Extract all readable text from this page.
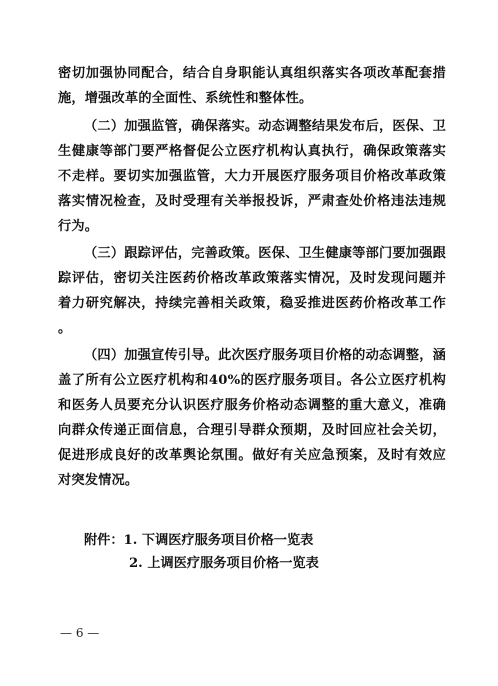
密切加强协同配合，结合自身职能认真组织落实各项改革配套措施，增强改革的全面性、系统性和整体性。

（二）加强监管，确保落实。动态调整结果发布后，医保、卫生健康等部门要严格督促公立医疗机构认真执行，确保政策落实不走样。要切实加强监管，大力开展医疗服务项目价格改革政策落实情况检查，及时受理有关举报投诉，严肃查处价格违法违规行为。

（三）跟踪评估，完善政策。医保、卫生健康等部门要加强跟踪评估，密切关注医药价格改革政策落实情况，及时发现问题并着力研究解决，持续完善相关政策，稳妥推进医药价格改革工作 。

（四）加强宣传引导。此次医疗服务项目价格的动态调整，涵盖了所有公立医疗机构和40%的医疗服务项目。各公立医疗机构和医务人员要充分认识医疗服务价格动态调整的重大意义，准确向群众传递正面信息，合理引导群众预期，及时回应社会关切，促进形成良好的改革舆论氛围。做好有关应急预案，及时有效应对突发情况。

附件：1. 下调医疗服务项目价格一览表
2. 上调医疗服务项目价格一览表
— 6 —
